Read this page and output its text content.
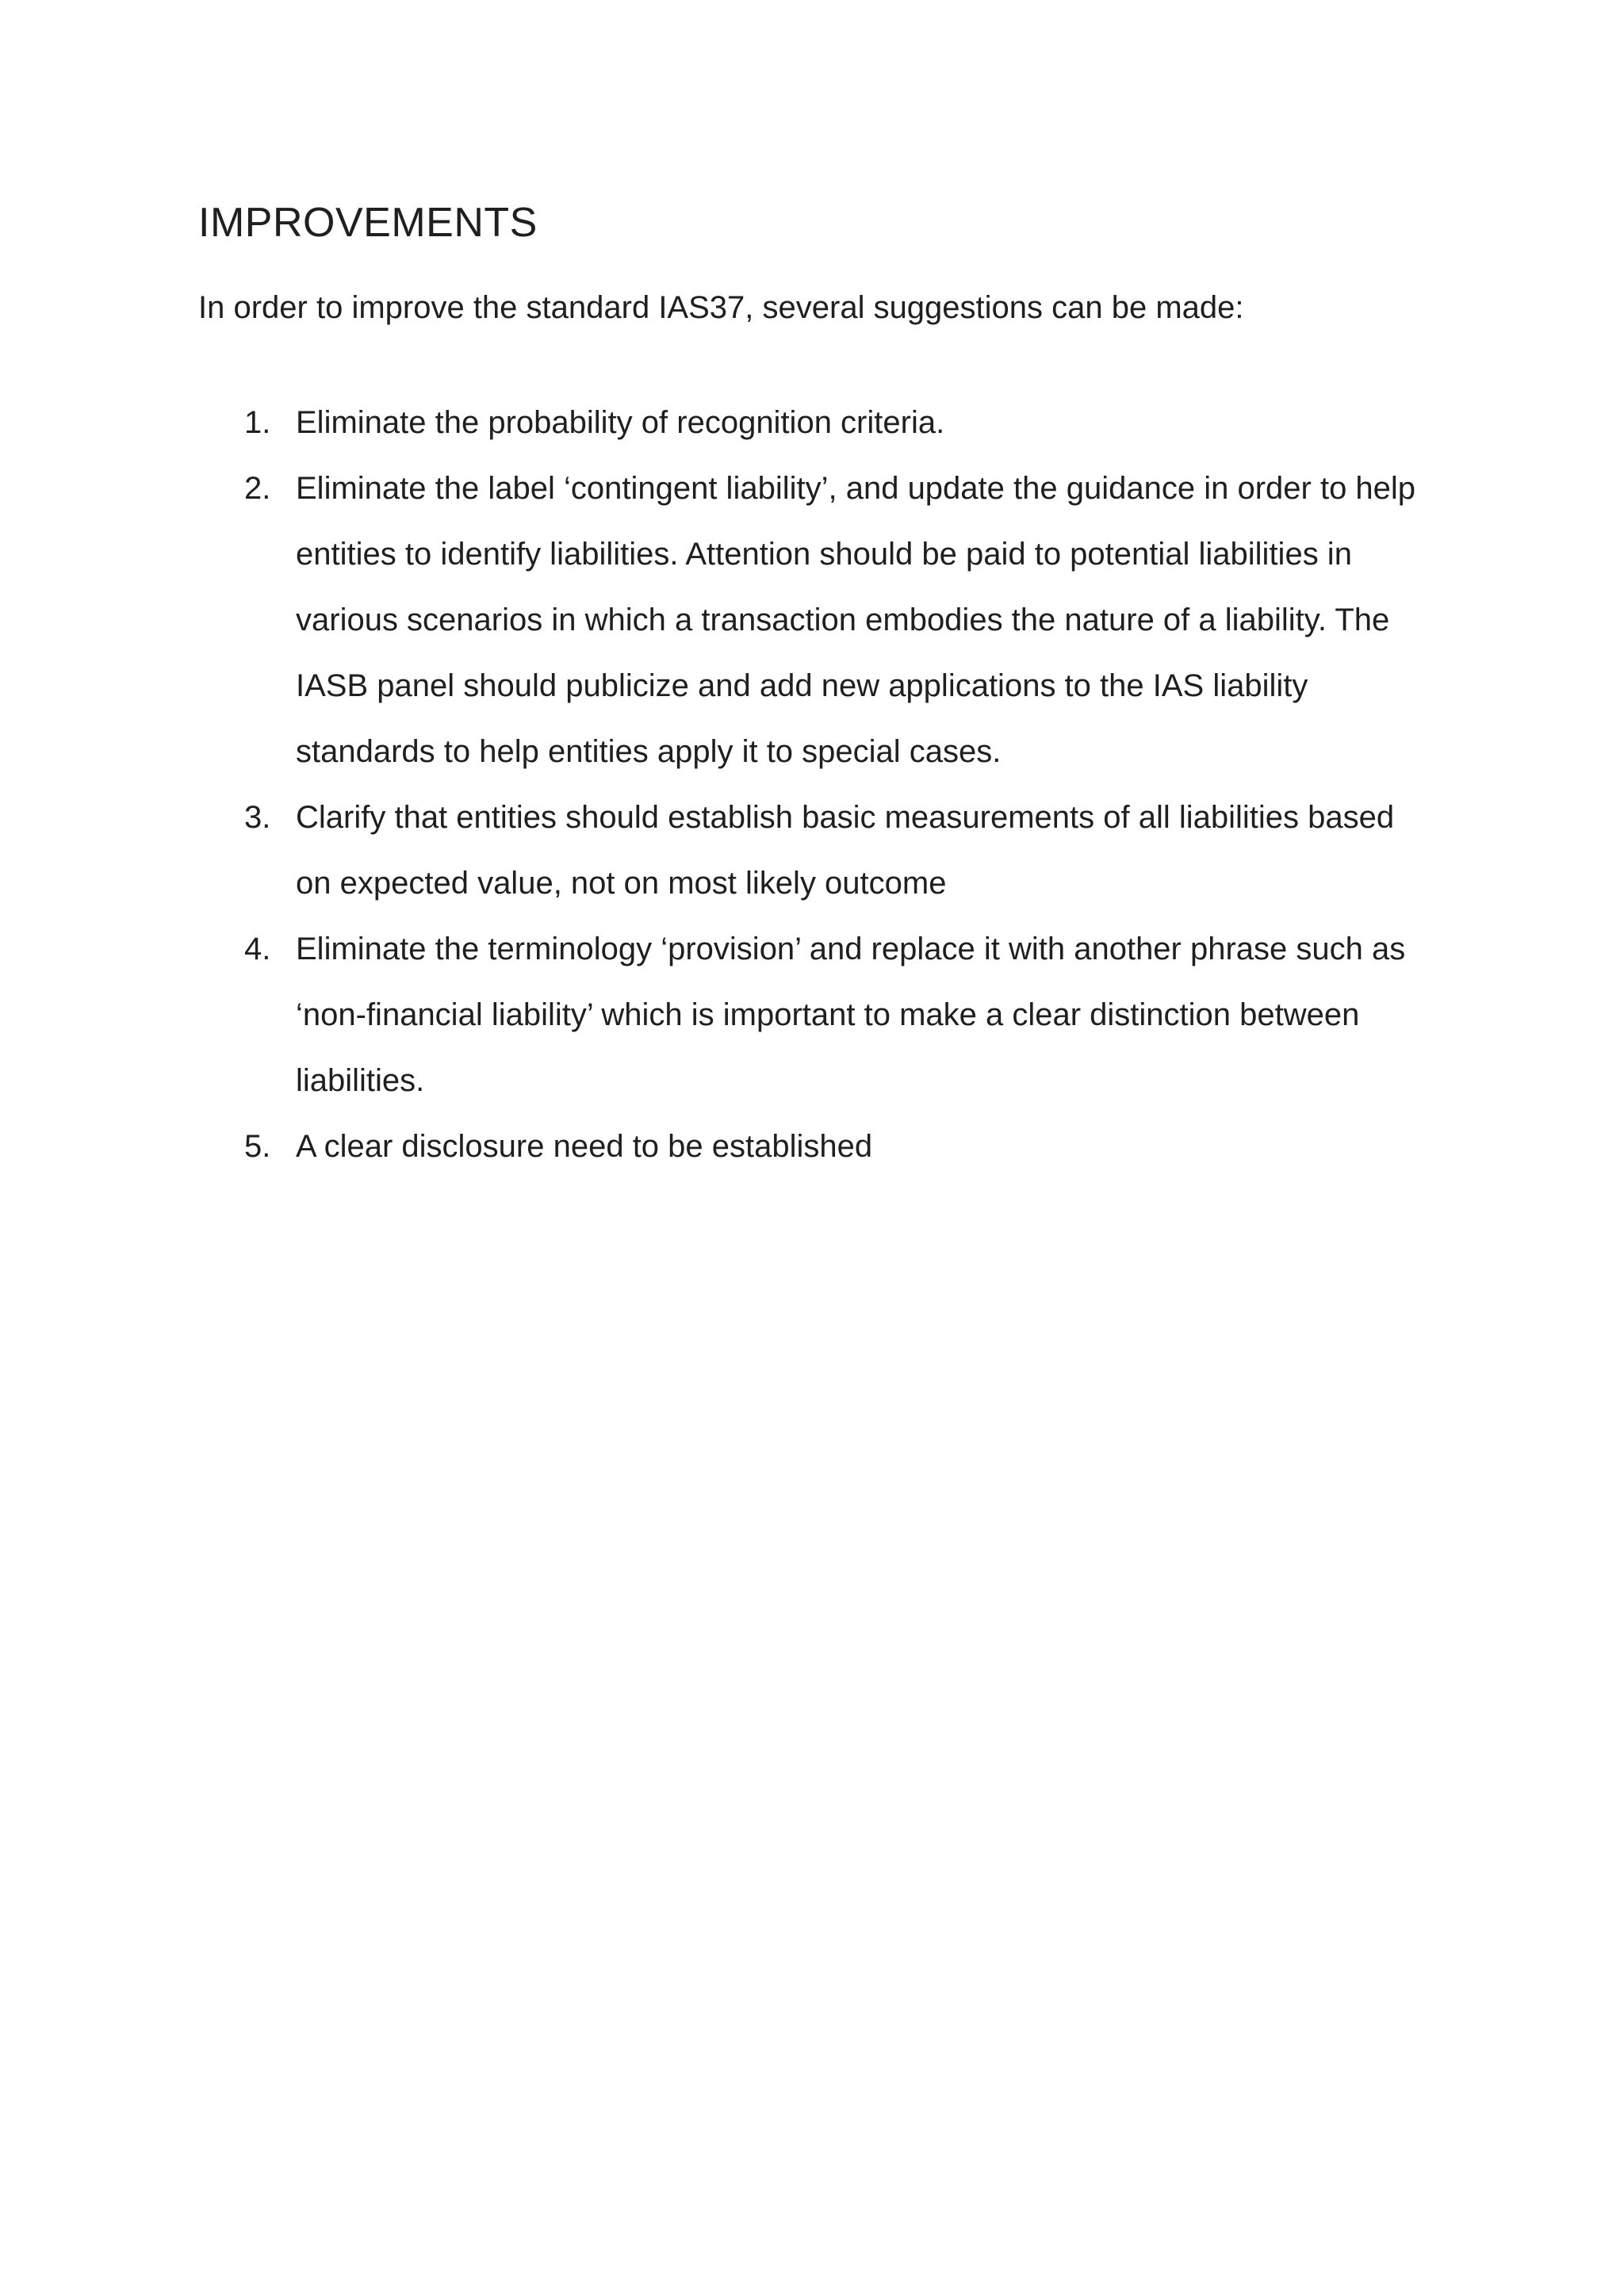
IMPROVEMENTS

In order to improve the standard IAS37, several suggestions can be made:

1. Eliminate the probability of recognition criteria.
2. Eliminate the label ‘contingent liability’, and update the guidance in order to help entities to identify liabilities. Attention should be paid to potential liabilities in various scenarios in which a transaction embodies the nature of a liability. The IASB panel should publicize and add new applications to the IAS liability standards to help entities apply it to special cases.
3. Clarify that entities should establish basic measurements of all liabilities based on expected value, not on most likely outcome
4. Eliminate the terminology ‘provision’ and replace it with another phrase such as ‘non-financial liability’ which is important to make a clear distinction between liabilities.
5. A clear disclosure need to be established
